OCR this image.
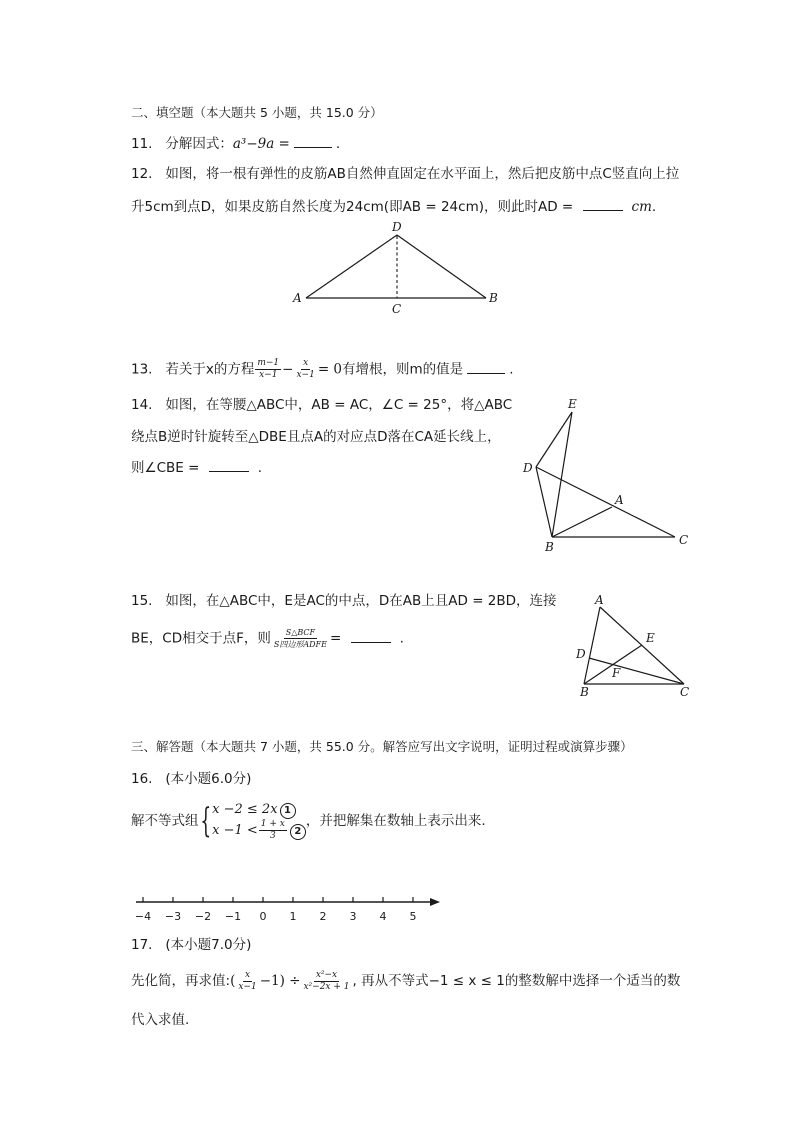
二、填空题（本大题共 5 小题，共 15.0 分）
11. 分解因式：a³−9a =	.
12. 如图，将一根有弹性的皮筋AB自然伸直固定在水平面上，然后把皮筋中点C竖直向上拉
升5cm到点D，如果皮筋自然长度为24cm(即AB = 24cm)，则此时AD =	cm.
D
A
C
B
E
D
A
B	C
A
E
D
F
B	C
−4 −3 −2 −1 0 1 2 3 4 5
13. 若关于x的方程 $\frac{m-1}{x-1} - \frac{x}{x-1} = 0$有增根，则m的值是	.
14. 如图，在等腰△ABC中，AB = AC，∠C = 25°，将△ABC
绕点B逆时针旋转至△DBE且点A的对应点D落在CA延长线上，
则∠CBE =	.
15. 如图，在△ABC中，E是AC的中点，D在AB上且AD = 2BD，连接
BE，CD相交于点F，则 $\frac{\text{S△BCF}}{\text{S四边形ADFE}}$ =	.
三、解答题（本大题共 7 小题，共 55.0 分。解答应写出文字说明，证明过程或演算步骤）
16. (本小题6.0分)
解不等式组{ x −2 ≤ 2x 1
$x -1 < \frac{1 + x}{3} 2$
，并把解集在数轴上表示出来.
17. (本小题7.0分)
先化简，再求值:( $\frac{x}{x-1} -1) \div \frac{\text{x²−x}}{\text{x²−2x + 1}}$ , 再从不等式−1 ≤ x ≤ 1的整数解中选择一个适当的数
代入求值.
